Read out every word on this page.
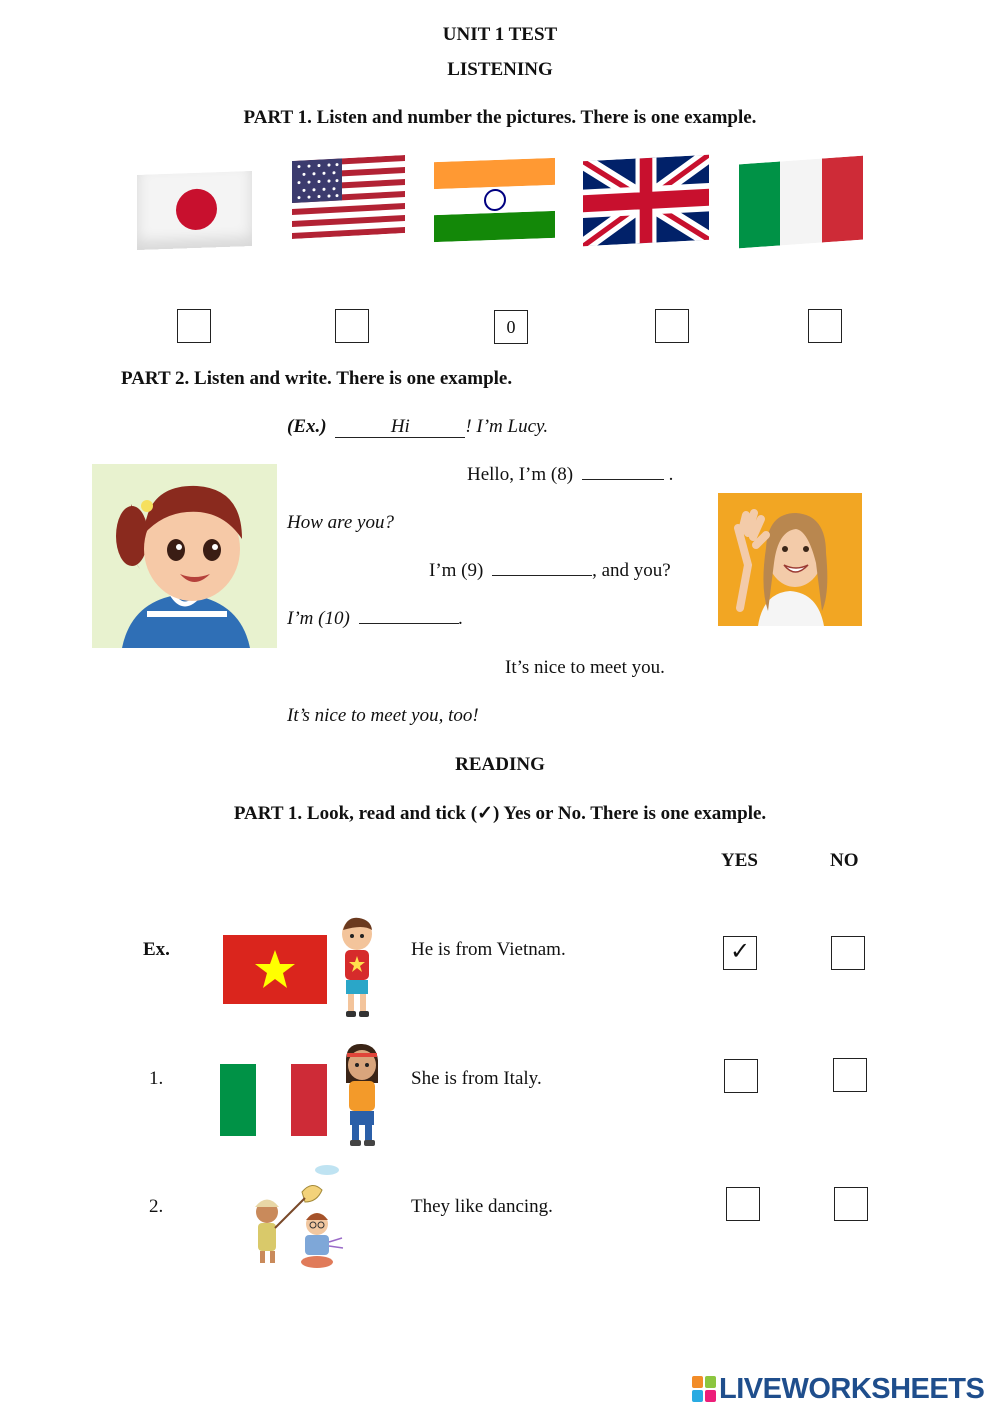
UNIT 1 TEST
LISTENING
PART 1. Listen and number the pictures. There is one example.
0
PART 2. Listen and write. There is one example.
(Ex.)	Hi	! I’m Lucy.
Hello, I’m (8)	.
How are you?
I’m (9)	, and you?
I’m (10)	.
It’s nice to meet you.
It’s nice to meet you, too!
READING
PART 1. Look, read and tick (✓) Yes or No. There is one example.
YES	NO
Ex.	He is from Vietnam.	✓
1.	She is from Italy.
2.	They like dancing.
LIVEWORKSHEETS
